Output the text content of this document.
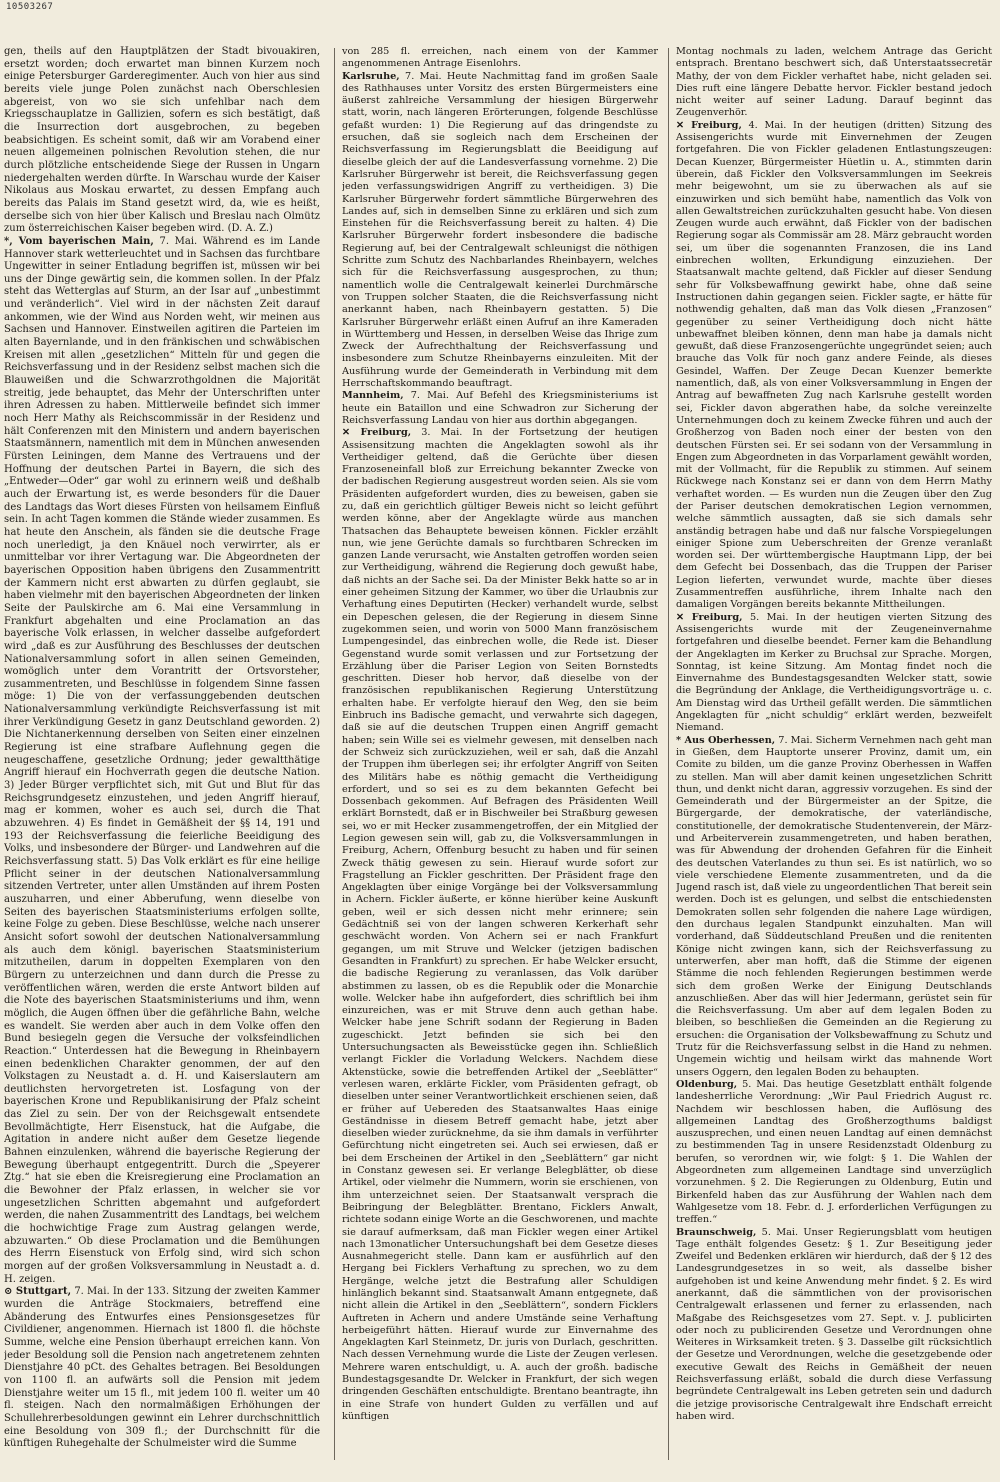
10503267

gen, theils auf den Hauptplätzen der Stadt bivouakiren, ersetzt worden; doch erwartet man binnen Kurzem noch einige Petersburger Garderegimenter. Auch von hier aus sind bereits viele junge Polen zunächst nach Oberschlesien abgereist, von wo sie sich unfehlbar nach dem Kriegsschauplatze in Gallizien, sofern es sich bestätigt, daß die Insurrection dort ausgebrochen, zu begeben beabsichtigen. Es scheint somit, daß wir am Vorabend einer neuen allgemeinen polnischen Revolution stehen, die nur durch plötzliche entscheidende Siege der Russen in Ungarn niedergehalten werden dürfte. In Warschau wurde der Kaiser Nikolaus aus Moskau erwartet, zu dessen Empfang auch bereits das Palais im Stand gesetzt wird, da, wie es heißt, derselbe sich von hier über Kalisch und Breslau nach Olmütz zum österreichischen Kaiser begeben wird. (D. A. Z.)

*, Vom bayerischen Main, 7. Mai. Während es im Lande Hannover stark wetterleuchtet und in Sachsen das furchtbare Ungewitter in seiner Entladung begriffen ist, müssen wir bei uns der Dinge gewärtig sein, die kommen sollen. In der Pfalz steht das Wetterglas auf Sturm, an der Isar auf „unbestimmt und veränderlich“. Viel wird in der nächsten Zeit darauf ankommen, wie der Wind aus Norden weht, wir meinen aus Sachsen und Hannover. Einstweilen agitiren die Parteien im alten Bayernlande, und in den fränkischen und schwäbischen Kreisen mit allen „gesetzlichen“ Mitteln für und gegen die Reichsverfassung und in der Residenz selbst machen sich die Blauweißen und die Schwarzrothgoldnen die Majorität streitig, jede behauptet, das Mehr der Unterschriften unter ihren Adressen zu haben. Mittlerweile befindet sich immer noch Herr Mathy als Reichscommissär in der Residenz und hält Conferenzen mit den Ministern und andern bayerischen Staatsmännern, namentlich mit dem in München anwesenden Fürsten Leiningen, dem Manne des Vertrauens und der Hoffnung der deutschen Partei in Bayern, die sich des „Entweder—Oder“ gar wohl zu erinnern weiß und deßhalb auch der Erwartung ist, es werde besonders für die Dauer des Landtags das Wort dieses Fürsten von heilsamem Einfluß sein. In acht Tagen kommen die Stände wieder zusammen. Es hat heute den Anschein, als fänden sie die deutsche Frage noch unerledigt, ja den Knäuel noch verwirrter, als er unmittelbar vor ihrer Vertagung war. Die Abgeordneten der bayerischen Opposition haben übrigens den Zusammentritt der Kammern nicht erst abwarten zu dürfen geglaubt, sie haben vielmehr mit den bayerischen Abgeordneten der linken Seite der Paulskirche am 6. Mai eine Versammlung in Frankfurt abgehalten und eine Proclamation an das bayerische Volk erlassen, in welcher dasselbe aufgefordert wird „daß es zur Ausführung des Beschlusses der deutschen Nationalversammlung sofort in allen seinen Gemeinden, womöglich unter dem Vorantritt der Ortsvorsteher, zusammentreten, und Beschlüsse in folgendem Sinne fassen möge: 1) Die von der verfassunggebenden deutschen Nationalversammlung verkündigte Reichsverfassung ist mit ihrer Verkündigung Gesetz in ganz Deutschland geworden. 2) Die Nichtanerkennung derselben von Seiten einer einzelnen Regierung ist eine strafbare Auflehnung gegen die neugeschaffene, gesetzliche Ordnung; jeder gewaltthätige Angriff hierauf ein Hochverrath gegen die deutsche Nation. 3) Jeder Bürger verpflichtet sich, mit Gut und Blut für das Reichsgrundgesetz einzustehen, und jeden Angriff hierauf, mag er kommen, woher es auch sei, durch die That abzuwehren. 4) Es findet in Gemäßheit der §§ 14, 191 und 193 der Reichsverfassung die feierliche Beeidigung des Volks, und insbesondere der Bürger- und Landwehren auf die Reichsverfassung statt. 5) Das Volk erklärt es für eine heilige Pflicht seiner in der deutschen Nationalversammlung sitzenden Vertreter, unter allen Umständen auf ihrem Posten auszuharren, und einer Abberufung, wenn dieselbe von Seiten des bayerischen Staatsministeriums erfolgen sollte, keine Folge zu geben. Diese Beschlüsse, welche nach unserer Ansicht sofort sowohl der deutschen Nationalversammlung als auch dem königl. bayerischen Staatsministerium mitzutheilen, darum in doppelten Exemplaren von den Bürgern zu unterzeichnen und dann durch die Presse zu veröffentlichen wären, werden die erste Antwort bilden auf die Note des bayerischen Staatsministeriums und ihm, wenn möglich, die Augen öffnen über die gefährliche Bahn, welche es wandelt. Sie werden aber auch in dem Volke offen den Bund besiegeln gegen die Versuche der volksfeindlichen Reaction.“ Unterdessen hat die Bewegung in Rheinbayern einen bedenklichen Charakter genommen, der auf den Volkstagen zu Neustadt a. d. H. und Kaiserslautern am deutlichsten hervorgetreten ist. Losfagung von der bayerischen Krone und Republikanisirung der Pfalz scheint das Ziel zu sein. Der von der Reichsgewalt entsendete Bevollmächtigte, Herr Eisenstuck, hat die Aufgabe, die Agitation in andere nicht außer dem Gesetze liegende Bahnen einzulenken, während die bayerische Regierung der Bewegung überhaupt entgegentritt. Durch die „Speyerer Ztg.“ hat sie eben die Kreisregierung eine Proclamation an die Bewohner der Pfalz erlassen, in welcher sie vor ungesetzlichen Schritten abgemahnt und aufgefordert werden, die nahen Zusammentritt des Landtags, bei welchem die hochwichtige Frage zum Austrag gelangen werde, abzuwarten.“ Ob diese Proclamation und die Bemühungen des Herrn Eisenstuck von Erfolg sind, wird sich schon morgen auf der großen Volksversammlung in Neustadt a. d. H. zeigen.

⊙ Stuttgart, 7. Mai. In der 133. Sitzung der zweiten Kammer wurden die Anträge Stockmaiers, betreffend eine Abänderung des Entwurfes eines Pensionsgesetzes für Civildiener, angenommen. Hiernach ist 1800 fl. die höchste Summe, welche eine Pension überhaupt erreichen kann. Von jeder Besoldung soll die Pension nach angetretenem zehnten Dienstjahre 40 pCt. des Gehaltes betragen. Bei Besoldungen von 1100 fl. an aufwärts soll die Pension mit jedem Dienstjahre weiter um 15 fl., mit jedem 100 fl. weiter um 40 fl. steigen. Nach den normalmäßigen Erhöhungen der Schullehrerbesoldungen gewinnt ein Lehrer durchschnittlich eine Besoldung von 309 fl.; der Durchschnitt für die künftigen Ruhegehalte der Schulmeister wird die Summe

von 285 fl. erreichen, nach einem von der Kammer angenommenen Antrage Eisenlohrs.

Karlsruhe, 7. Mai. Heute Nachmittag fand im großen Saale des Rathhauses unter Vorsitz des ersten Bürgermeisters eine äußerst zahlreiche Versammlung der hiesigen Bürgerwehr statt, worin, nach längeren Erörterungen, folgende Beschlüsse gefaßt wurden: 1) Die Regierung auf das dringendste zu ersuchen, daß sie sogleich nach dem Erscheinen der Reichsverfassung im Regierungsblatt die Beeidigung auf dieselbe gleich der auf die Landesverfassung vornehme. 2) Die Karlsruher Bürgerwehr ist bereit, die Reichsverfassung gegen jeden verfassungswidrigen Angriff zu vertheidigen. 3) Die Karlsruher Bürgerwehr fordert sämmtliche Bürgerwehren des Landes auf, sich in demselben Sinne zu erklären und sich zum Einstehen für die Reichsverfassung bereit zu halten. 4) Die Karlsruher Bürgerwehr fordert insbesondere die badische Regierung auf, bei der Centralgewalt schleunigst die nöthigen Schritte zum Schutz des Nachbarlandes Rheinbayern, welches sich für die Reichsverfassung ausgesprochen, zu thun; namentlich wolle die Centralgewalt keinerlei Durchmärsche von Truppen solcher Staaten, die die Reichsverfassung nicht anerkannt haben, nach Rheinbayern gestatten. 5) Die Karlsruher Bürgerwehr erläßt einen Aufruf an ihre Kameraden in Württemberg und Hessen, in derselben Weise das Ihrige zum Zweck der Aufrechthaltung der Reichsverfassung und insbesondere zum Schutze Rheinbayerns einzuleiten. Mit der Ausführung wurde der Gemeinderath in Verbindung mit dem Herrschaftskommando beauftragt.

Mannheim, 7. Mai. Auf Befehl des Kriegsministeriums ist heute ein Bataillon und eine Schwadron zur Sicherung der Reichsverfassung Landau von hier aus dorthin abgegangen.

✕ Freiburg, 3. Mai. In der Fortsetzung der heutigen Assisensitzung machten die Angeklagten sowohl als ihr Vertheidiger geltend, daß die Gerüchte über diesen Franzoseneinfall bloß zur Erreichung bekannter Zwecke von der badischen Regierung ausgestreut worden seien. Als sie vom Präsidenten aufgefordert wurden, dies zu beweisen, gaben sie zu, daß ein gerichtlich gültiger Beweis nicht so leicht geführt werden könne, aber der Angeklagte würde aus manchen Thatsachen das Behauptete beweisen können. Fickler erzählt nun, wie jene Gerüchte damals so furchtbaren Schrecken im ganzen Lande verursacht, wie Anstalten getroffen worden seien zur Vertheidigung, während die Regierung doch gewußt habe, daß nichts an der Sache sei. Da der Minister Bekk hatte so ar in einer geheimen Sitzung der Kammer, wo über die Urlaubnis zur Verhaftung eines Deputirten (Hecker) verhandelt wurde, selbst ein Depeschen gelesen, die der Regierung in diesem Sinne zugekommen seien, und worin von 5000 Mann französischem Lumpengesindel, das einbrechen wolle, die Rede ist. Dieser Gegenstand wurde somit verlassen und zur Fortsetzung der Erzählung über die Pariser Legion von Seiten Bornstedts geschritten. Dieser hob hervor, daß dieselbe von der französischen republikanischen Regierung Unterstützung erhalten habe. Er verfolgte hierauf den Weg, den sie beim Einbruch ins Badische gemacht, und verwahrte sich dagegen, daß sie auf die deutschen Truppen einen Angriff gemacht haben; sein Wille sei es vielmehr gewesen, mit denselben nach der Schweiz sich zurückzuziehen, weil er sah, daß die Anzahl der Truppen ihm überlegen sei; ihr erfolgter Angriff von Seiten des Militärs habe es nöthig gemacht die Vertheidigung erfordert, und so sei es zu dem bekannten Gefecht bei Dossenbach gekommen. Auf Befragen des Präsidenten Weill erklärt Bornstedt, daß er in Bischweiler bei Straßburg gewesen sei, wo er mit Hecker zusammengetroffen, der ein Mitglied der Legion gewesen sein will, gab zu, die Volksversammlungen in Freiburg, Achern, Offenburg besucht zu haben und für seinen Zweck thätig gewesen zu sein. Hierauf wurde sofort zur Fragstellung an Fickler geschritten. Der Präsident frage den Angeklagten über einige Vorgänge bei der Volksversammlung in Achern. Fickler äußerte, er könne hierüber keine Auskunft geben, weil er sich dessen nicht mehr erinnere; sein Gedächtniß sei von der langen schweren Kerkerhaft sehr geschwächt worden. Von Achern sei er nach Frankfurt gegangen, um mit Struve und Welcker (jetzigen badischen Gesandten in Frankfurt) zu sprechen. Er habe Welcker ersucht, die badische Regierung zu veranlassen, das Volk darüber abstimmen zu lassen, ob es die Republik oder die Monarchie wolle. Welcker habe ihn aufgefordert, dies schriftlich bei ihm einzureichen, was er mit Struve denn auch gethan habe. Welcker habe jene Schrift sodann der Regierung in Baden zugeschickt. Jetzt befinden sie sich bei den Untersuchungsacten als Beweisstücke gegen ihn. Schließlich verlangt Fickler die Vorladung Welckers. Nachdem diese Aktenstücke, sowie die betreffenden Artikel der „Seeblätter“ verlesen waren, erklärte Fickler, vom Präsidenten gefragt, ob dieselben unter seiner Verantwortlichkeit erschienen seien, daß er früher auf Uebereden des Staatsanwaltes Haas einige Geständnisse in diesem Betreff gemacht habe, jetzt aber dieselben wieder zurücknehme, da sie ihm damals in verführter Gefürchtung nicht eingetreten sei. Auch sei erwiesen, daß er bei dem Erscheinen der Artikel in den „Seeblättern“ gar nicht in Constanz gewesen sei. Er verlange Belegblätter, ob diese Artikel, oder vielmehr die Nummern, worin sie erschienen, von ihm unterzeichnet seien. Der Staatsanwalt versprach die Beibringung der Belegblätter. Brentano, Ficklers Anwalt, richtete sodann einige Worte an die Geschworenen, und machte sie darauf aufmerksam, daß man Fickler wegen einer Artikel nach 13monatlicher Untersuchungshaft bei dem Gesetze dieses Ausnahmegericht stelle. Dann kam er ausführlich auf den Hergang bei Ficklers Verhaftung zu sprechen, wo zu dem Hergänge, welche jetzt die Bestrafung aller Schuldigen hinlänglich bekannt sind. Staatsanwalt Amann entgegnete, daß nicht allein die Artikel in den „Seeblättern“, sondern Ficklers Auftreten in Achern und andere Umstände seine Verhaftung herbeigeführt hätten. Hierauf wurde zur Einvernahme des Angeklagten Karl Steinmetz, Dr. juris von Durlach, geschritten. Nach dessen Vernehmung wurde die Liste der Zeugen verlesen. Mehrere waren entschuldigt, u. A. auch der großh. badische Bundestagsgesandte Dr. Welcker in Frankfurt, der sich wegen dringenden Geschäften entschuldigte. Brentano beantragte, ihn in eine Strafe von hundert Gulden zu verfällen und auf künftigen

Montag nochmals zu laden, welchem Antrage das Gericht entsprach. Brentano beschwert sich, daß Unterstaatssecretär Mathy, der von dem Fickler verhaftet habe, nicht geladen sei. Dies ruft eine längere Debatte hervor. Fickler bestand jedoch nicht weiter auf seiner Ladung. Darauf beginnt das Zeugenverhör.

✕ Freiburg, 4. Mai. In der heutigen (dritten) Sitzung des Assisengerichts wurde mit Einvernehmen der Zeugen fortgefahren. Die von Fickler geladenen Entlastungszeugen: Decan Kuenzer, Bürgermeister Hüetlin u. A., stimmten darin überein, daß Fickler den Volksversammlungen im Seekreis mehr beigewohnt, um sie zu überwachen als auf sie einzuwirken und sich bemüht habe, namentlich das Volk von allen Gewaltstreichen zurückzuhalten gesucht habe. Von diesen Zeugen wurde auch erwähnt, daß Fickler von der badischen Regierung sogar als Commissär am 28. März gebraucht worden sei, um über die sogenannten Franzosen, die ins Land einbrechen wollten, Erkundigung einzuziehen. Der Staatsanwalt machte geltend, daß Fickler auf dieser Sendung sehr für Volksbewaffnung gewirkt habe, ohne daß seine Instructionen dahin gegangen seien. Fickler sagte, er hätte für nothwendig gehalten, daß man das Volk diesen „Franzosen“ gegenüber zu seiner Vertheidigung doch nicht hätte unbewaffnet bleiben können, denn man habe ja damals nicht gewußt, daß diese Franzosengerüchte ungegründet seien; auch brauche das Volk für noch ganz andere Feinde, als dieses Gesindel, Waffen. Der Zeuge Decan Kuenzer bemerkte namentlich, daß, als von einer Volksversammlung in Engen der Antrag auf bewaffneten Zug nach Karlsruhe gestellt worden sei, Fickler davon abgerathen habe, da solche vereinzelte Unternehmungen doch zu keinem Zwecke führen und auch der Großherzog von Baden noch einer der besten von den deutschen Fürsten sei. Er sei sodann von der Versammlung in Engen zum Abgeordneten in das Vorparlament gewählt worden, mit der Vollmacht, für die Republik zu stimmen. Auf seinem Rückwege nach Konstanz sei er dann von dem Herrn Mathy verhaftet worden. — Es wurden nun die Zeugen über den Zug der Pariser deutschen demokratischen Legion vernommen, welche sämmtlich aussagten, daß sie sich damals sehr anständig betragen habe und daß nur falsche Vorspiegelungen einiger Spione zum Ueberschreiten der Grenze veranlaßt worden sei. Der württembergische Hauptmann Lipp, der bei dem Gefecht bei Dossenbach, das die Truppen der Pariser Legion lieferten, verwundet wurde, machte über dieses Zusammentreffen ausführliche, ihrem Inhalte nach den damaligen Vorgängen bereits bekannte Mittheilungen.

✕ Freiburg, 5. Mai. In der heutigen vierten Sitzung des Assisengerichts wurde mit der Zeugeneinvernahme fortgefahren und dieselbe beendet. Ferner kam die Behandlung der Angeklagten im Kerker zu Bruchsal zur Sprache. Morgen, Sonntag, ist keine Sitzung. Am Montag findet noch die Einvernahme des Bundestagsgesandten Welcker statt, sowie die Begründung der Anklage, die Vertheidigungsvorträge u. c. Am Dienstag wird das Urtheil gefällt werden. Die sämmtlichen Angeklagten für „nicht schuldig“ erklärt werden, bezweifelt Niemand.

* Aus Oberhessen, 7. Mai. Sicherm Vernehmen nach geht man in Gießen, dem Hauptorte unserer Provinz, damit um, ein Comite zu bilden, um die ganze Provinz Oberhessen in Waffen zu stellen. Man will aber damit keinen ungesetzlichen Schritt thun, und denkt nicht daran, aggressiv vorzugehen. Es sind der Gemeinderath und der Bürgermeister an der Spitze, die Bürgergarde, der demokratische, der vaterländische, constitutionelle, der demokratische Studentenverein, der März- und Arbeiterverein zusammengetreten, und haben berathen, was für Abwendung der drohenden Gefahren für die Einheit des deutschen Vaterlandes zu thun sei. Es ist natürlich, wo so viele verschiedene Elemente zusammentreten, und da die Jugend rasch ist, daß viele zu ungeordentlichen That bereit sein werden. Doch ist es gelungen, und selbst die entschiedensten Demokraten sollen sehr folgenden die nahere Lage würdigen, den durchaus legalen Standpunkt einzuhalten. Man will vorderhand, daß Süddeutschland Preußen und die renitenten Könige nicht zwingen kann, sich der Reichsverfassung zu unterwerfen, aber man hofft, daß die Stimme der eigenen Stämme die noch fehlenden Regierungen bestimmen werde sich dem großen Werke der Einigung Deutschlands anzuschließen. Aber das will hier Jedermann, gerüstet sein für die Reichsverfassung. Um aber auf dem legalen Boden zu bleiben, so beschließen die Gemeinden an die Regierung zu ersuchen: die Organisation der Volksbewaffnung zu Schutz und Trutz für die Reichsverfassung selbst in die Hand zu nehmen. Ungemein wichtig und heilsam wirkt das mahnende Wort unsers Oggern, den legalen Boden zu behaupten.

Oldenburg, 5. Mai. Das heutige Gesetzblatt enthält folgende landesherrliche Verordnung: „Wir Paul Friedrich August rc. Nachdem wir beschlossen haben, die Auflösung des allgemeinen Landtag des Großherzogthums baldigst auszusprechen, und einen neuen Landtag auf einen demnächst zu bestimmenden Tag in unsere Residenzstadt Oldenburg zu berufen, so verordnen wir, wie folgt: § 1. Die Wahlen der Abgeordneten zum allgemeinen Landtage sind unverzüglich vorzunehmen. § 2. Die Regierungen zu Oldenburg, Eutin und Birkenfeld haben das zur Ausführung der Wahlen nach dem Wahlgesetze vom 18. Febr. d. J. erforderlichen Verfügungen zu treffen.“

Braunschweig, 5. Mai. Unser Regierungsblatt vom heutigen Tage enthält folgendes Gesetz: § 1. Zur Beseitigung jeder Zweifel und Bedenken erklären wir hierdurch, daß der § 12 des Landesgrundgesetzes in so weit, als dasselbe bisher aufgehoben ist und keine Anwendung mehr findet. § 2. Es wird anerkannt, daß die sämmtlichen von der provisorischen Centralgewalt erlassenen und ferner zu erlassenden, nach Maßgabe des Reichsgesetzes vom 27. Sept. v. J. publicirten oder noch zu publicirenden Gesetze und Verordnungen ohne Weiteres in Wirksamkeit treten. § 3. Dasselbe gilt rücksichtlich der Gesetze und Verordnungen, welche die gesetzgebende oder executive Gewalt des Reichs in Gemäßheit der neuen Reichsverfassung erläßt, sobald die durch diese Verfassung begründete Centralgewalt ins Leben getreten sein und dadurch die jetzige provisorische Centralgewalt ihre Endschaft erreicht haben wird.
